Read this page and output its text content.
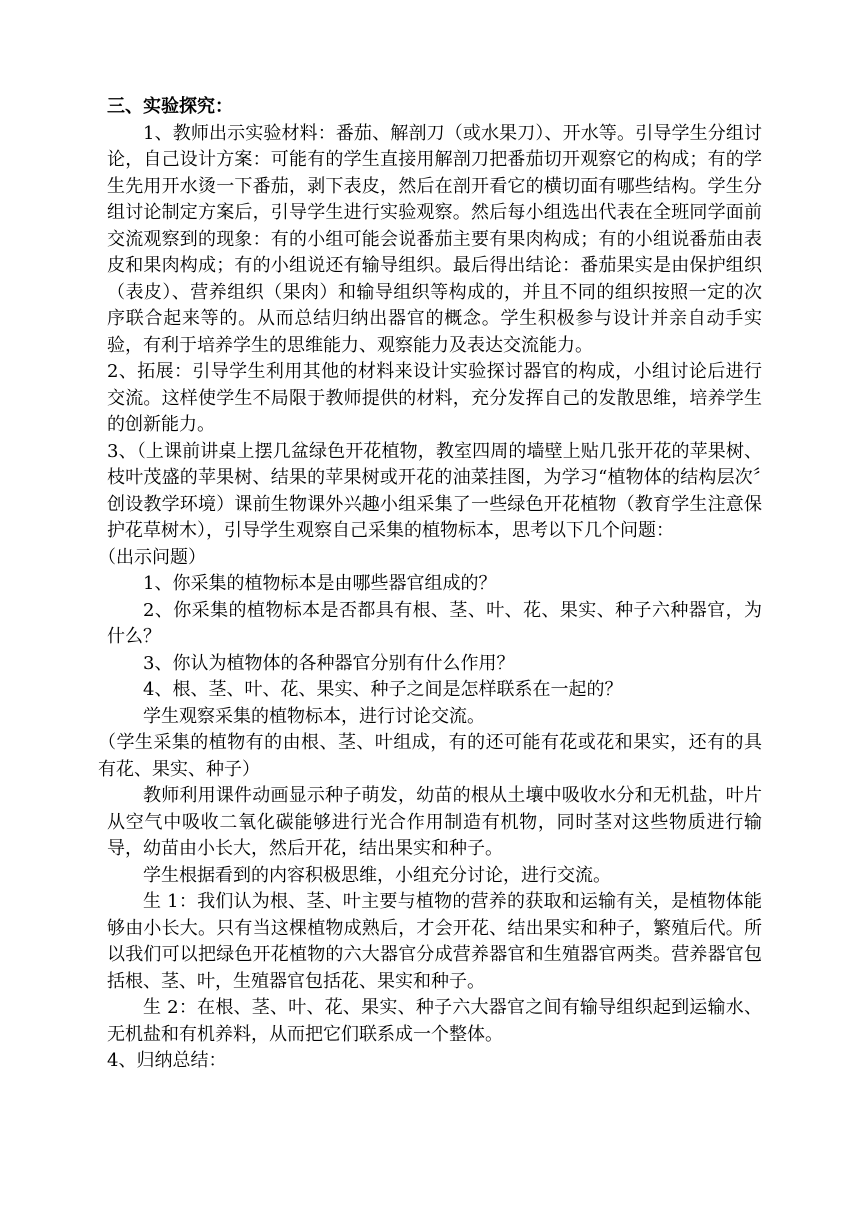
三、实验探究：

1、教师出示实验材料：番茄、解剖刀（或水果刀）、开水等。引导学生分组讨论，自己设计方案：可能有的学生直接用解剖刀把番茄切开观察它的构成；有的学生先用开水烫一下番茄，剥下表皮，然后在剖开看它的横切面有哪些结构。学生分组讨论制定方案后，引导学生进行实验观察。然后每小组选出代表在全班同学面前交流观察到的现象：有的小组可能会说番茄主要有果肉构成；有的小组说番茄由表皮和果肉构成；有的小组说还有输导组织。最后得出结论：番茄果实是由保护组织（表皮）、营养组织（果肉）和输导组织等构成的，并且不同的组织按照一定的次序联合起来等的。从而总结归纳出器官的概念。学生积极参与设计并亲自动手实验，有利于培养学生的思维能力、观察能力及表达交流能力。

2、拓展：引导学生利用其他的材料来设计实验探讨器官的构成，小组讨论后进行交流。这样使学生不局限于教师提供的材料，充分发挥自己的发散思维，培养学生的创新能力。

3、（上课前讲桌上摆几盆绿色开花植物，教室四周的墙壁上贴几张开花的苹果树、枝叶茂盛的苹果树、结果的苹果树或开花的油菜挂图，为学习“植物体的结构层次〞创设教学环境）课前生物课外兴趣小组采集了一些绿色开花植物（教育学生注意保护花草树木），引导学生观察自己采集的植物标本，思考以下几个问题：

（出示问题）

1、你采集的植物标本是由哪些器官组成的？

2、你采集的植物标本是否都具有根、茎、叶、花、果实、种子六种器官，为什么？

3、你认为植物体的各种器官分别有什么作用？

4、根、茎、叶、花、果实、种子之间是怎样联系在一起的？

学生观察采集的植物标本，进行讨论交流。

（学生采集的植物有的由根、茎、叶组成，有的还可能有花或花和果实，还有的具有花、果实、种子）

教师利用课件动画显示种子萌发，幼苗的根从土壤中吸收水分和无机盐，叶片从空气中吸收二氧化碳能够进行光合作用制造有机物，同时茎对这些物质进行输导，幼苗由小长大，然后开花，结出果实和种子。

学生根据看到的内容积极思维，小组充分讨论，进行交流。

生 1：我们认为根、茎、叶主要与植物的营养的获取和运输有关，是植物体能够由小长大。只有当这棵植物成熟后，才会开花、结出果实和种子，繁殖后代。所以我们可以把绿色开花植物的六大器官分成营养器官和生殖器官两类。营养器官包括根、茎、叶，生殖器官包括花、果实和种子。

生 2：在根、茎、叶、花、果实、种子六大器官之间有输导组织起到运输水、无机盐和有机养料，从而把它们联系成一个整体。

4、归纳总结：
